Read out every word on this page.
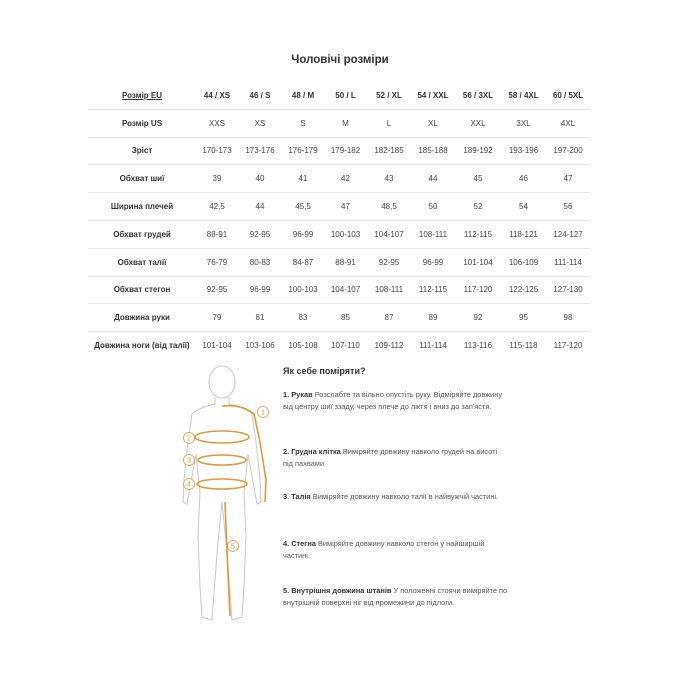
Чоловічі розміри
Розмір EU	44 / XS	46 / S	48 / M	50 / L	52 / XL	54 / XXL	56 / 3XL	58 / 4XL	60 / 5XL
Розмір US	XXS	XS	S	M	L	XL	XXL	3XL	4XL
Зріст	170-173	173-176	176-179	179-182	182-185	185-188	189-192	193-196	197-200
Обхват шиї	39	40	41	42	43	44	45	46	47
Ширина плечей	42,5	44	45,5	47	48,5	50	52	54	56
Обхват грудей	88-91	92-95	96-99	100-103	104-107	108-111	112-115	118-121	124-127
Обхват талії	76-79	80-83	84-87	88-91	92-95	96-99	101-104	106-109	111-114
Обхват стегон	92-95	96-99	100-103	104-107	108-111	112-115	117-120	122-125	127-130
Довжина руки	79	81	83	85	87	89	92	95	98
Довжина ноги (від талії)	101-104	103-106	105-108	107-110	109-112	111-114	113-116	115-118	117-120
1
2
3
4
5
Як себе поміряти?
1. Рукав Розслабте та вільно опустіть руку. Відміряйте довжину від центру шиї ззаду, через плече до ліктя і вниз до зап'ястя.
2. Грудна клітка Виміряйте довжину навколо грудей на висоті під пахвами
3. Талія Виміряйте довжину навколо талії в найвужчій частині.
4. Стегна Виміряйте довжину навколо стегон у найширшій частині.
5. Внутрішня довжина штанів У положенні стоячи виміряйте по внутрішній поверхні ніг від промежини до підлоги.
